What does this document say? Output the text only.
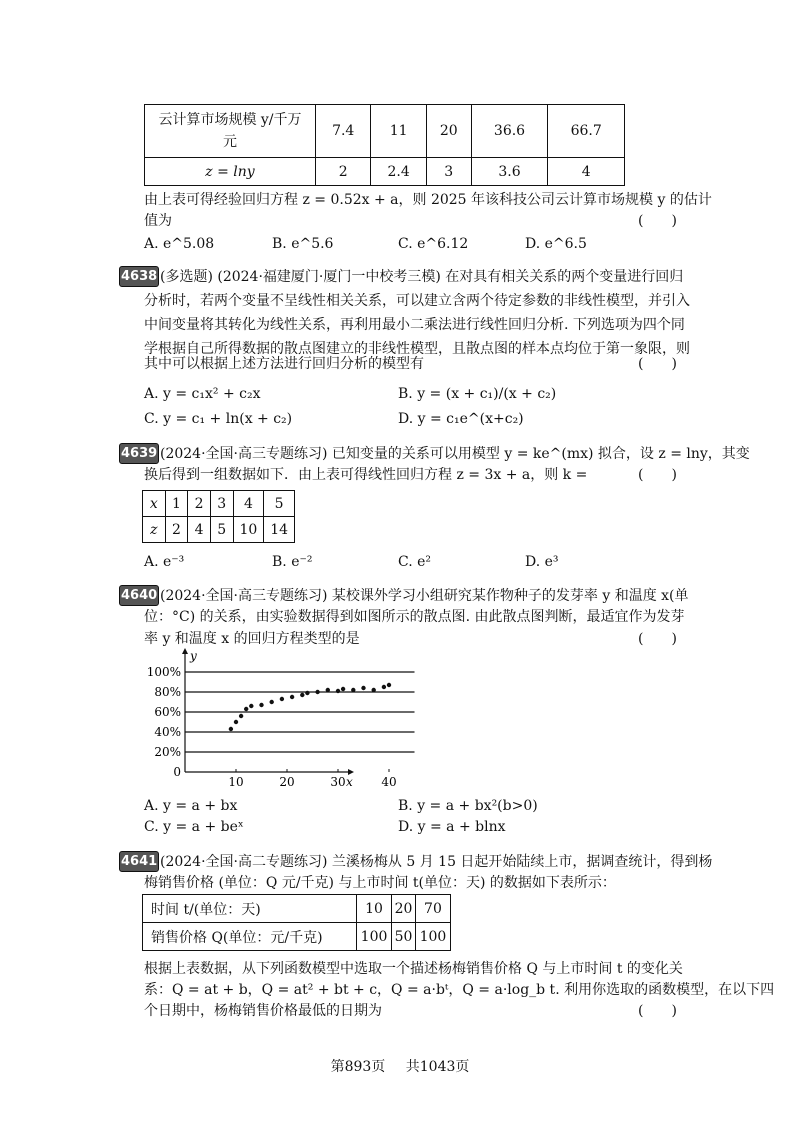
云计算市场规模 y/千万
元	7.4	11	20	36.6	66.7
z = lny	2	2.4	3	3.6	4
由上表可得经验回归方程 z = 0.52x + a，则 2025 年该科技公司云计算市场规模 y 的估计
值为	(　　)
A. e^5.08	B. e^5.6	C. e^6.12	D. e^6.5
4638 (多选题) (2024·福建厦门·厦门一中校考三模) 在对具有相关关系的两个变量进行回归
分析时，若两个变量不呈线性相关关系，可以建立含两个待定参数的非线性模型，并引入
中间变量将其转化为线性关系，再利用最小二乘法进行线性回归分析. 下列选项为四个同
学根据自己所得数据的散点图建立的非线性模型，且散点图的样本点均位于第一象限，则
其中可以根据上述方法进行回归分析的模型有	(　　)
A. y = c₁x² + c₂x	B. y = (x + c₁)/(x + c₂)
C. y = c₁ + ln(x + c₂)	D. y = c₁e^(x+c₂)
4639 (2024·全国·高三专题练习) 已知变量的关系可以用模型 y = ke^(mx) 拟合，设 z = lny，其变
换后得到一组数据如下．由上表可得线性回归方程 z = 3x + a，则 k =	(　　)
x	1	2	3	4	5
z	2	4	5	10	14
A. e⁻³	B. e⁻²	C. e²	D. e³
4640 (2024·全国·高三专题练习) 某校课外学习小组研究某作物种子的发芽率 y 和温度 x(单
位：°C) 的关系，由实验数据得到如图所示的散点图. 由此散点图判断，最适宜作为发芽
率 y 和温度 x 的回归方程类型的是	(　　)
0
20%
40%
60%
80%
100%
10	20	30	40
x
y
A. y = a + bx	B. y = a + bx²(b>0)
C. y = a + beˣ	D. y = a + blnx
4641 (2024·全国·高二专题练习) 兰溪杨梅从 5 月 15 日起开始陆续上市，据调查统计，得到杨
梅销售价格 (单位：Q 元/千克) 与上市时间 t(单位：天) 的数据如下表所示：
时间 t/(单位：天)	10	20	70
销售价格 Q(单位：元/千克)	100	50	100
根据上表数据，从下列函数模型中选取一个描述杨梅销售价格 Q 与上市时间 t 的变化关
系：Q = at + b，Q = at² + bt + c，Q = a·bᵗ，Q = a·log_b t. 利用你选取的函数模型，在以下四
个日期中，杨梅销售价格最低的日期为	(　　)
第893页 共1043页
